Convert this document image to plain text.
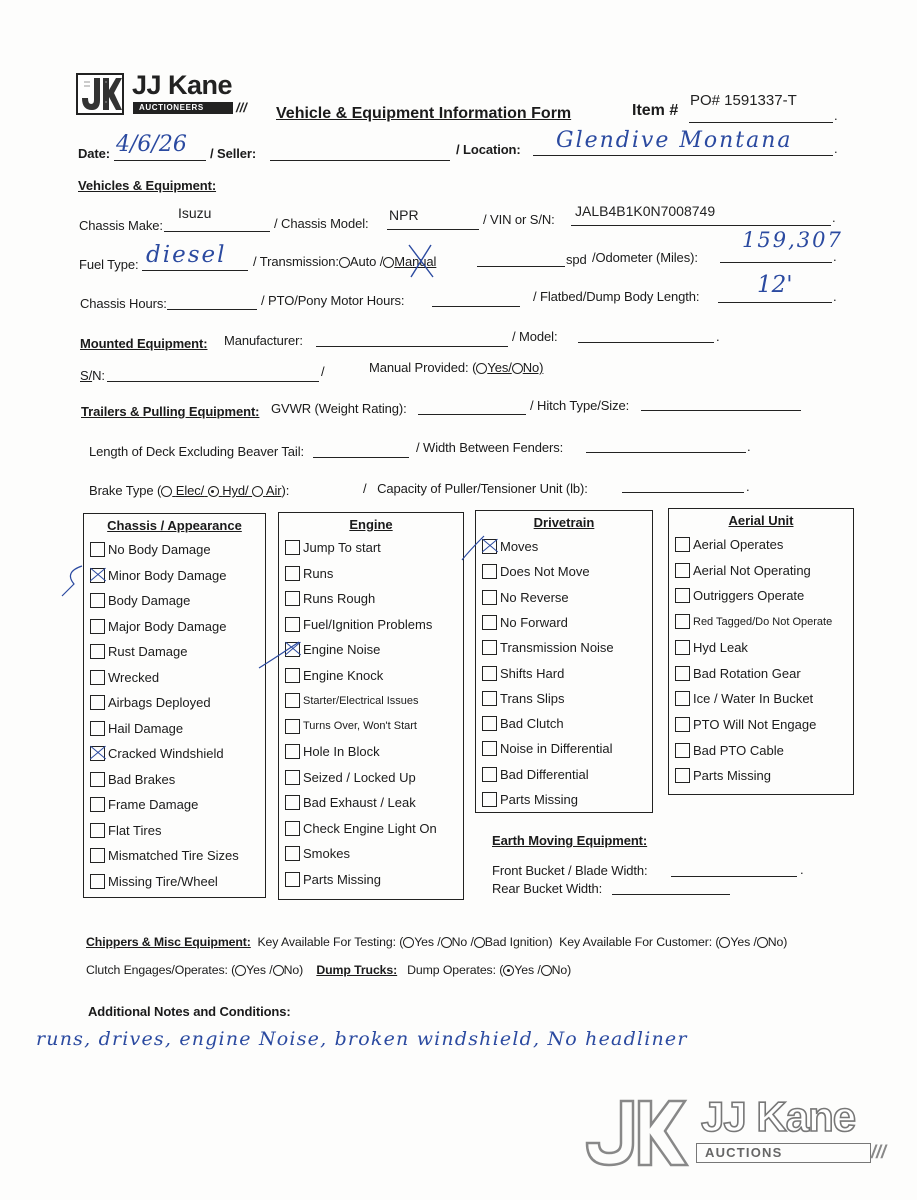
JJ Kane
AUCTIONEERS	/// Vehicle & Equipment Information Form	Item #
PO# 1591337-T
.
Date: 4/6/26 / Seller:	/ Location: Glendive Montana	.
Vehicles & Equipment:
Chassis Make:
Isuzu
/ Chassis Model:
NPR	/ VIN or S/N:
JALB4B1K0N7008749	.
Fuel Type: diesel / Transmission: Auto / Manual	spd /Odometer (Miles):
159,307
.
Chassis Hours:	/ PTO/Pony Motor Hours:	/ Flatbed/Dump Body Length:	12'	.
Mounted Equipment: Manufacturer:	/ Model:	.
S/N:	/	Manual Provided: ( Yes/ No)
Trailers & Pulling Equipment: GVWR (Weight Rating):	/ Hitch Type/Size:
Length of Deck Excluding Beaver Tail:	/ Width Between Fenders:	.
Brake Type ( Elec/ Hyd/ Air):	/   Capacity of Puller/Tensioner Unit (lb):	.
Chassis / Appearance
No Body Damage
Minor Body Damage
Body Damage
Major Body Damage
Rust Damage
Wrecked
Airbags Deployed
Hail Damage
Cracked Windshield
Bad Brakes
Frame Damage
Flat Tires
Mismatched Tire Sizes
Missing Tire/Wheel
Engine
Jump To start
Runs
Runs Rough
Fuel/Ignition Problems
Engine Noise
Engine Knock
Starter/Electrical Issues
Turns Over, Won't Start
Hole In Block
Seized / Locked Up
Bad Exhaust / Leak
Check Engine Light On
Smokes
Parts Missing
Drivetrain
Moves
Does Not Move
No Reverse
No Forward
Transmission Noise
Shifts Hard
Trans Slips
Bad Clutch
Noise in Differential
Bad Differential
Parts Missing
Aerial Unit
Aerial Operates
Aerial Not Operating
Outriggers Operate
Red Tagged/Do Not Operate
Hyd Leak
Bad Rotation Gear
Ice / Water In Bucket
PTO Will Not Engage
Bad PTO Cable
Parts Missing
Earth Moving Equipment:
Front Bucket / Blade Width:	.
Rear Bucket Width:
Chippers & Misc Equipment: Key Available For Testing: ( Yes / No / Bad Ignition) Key Available For Customer: ( Yes / No)
Clutch Engages/Operates: ( Yes / No) Dump Trucks: Dump Operates: ( Yes / No)
Additional Notes and Conditions:
runs, drives, engine Noise, broken windshield, No headliner
JJ Kane
AUCTIONS	///
